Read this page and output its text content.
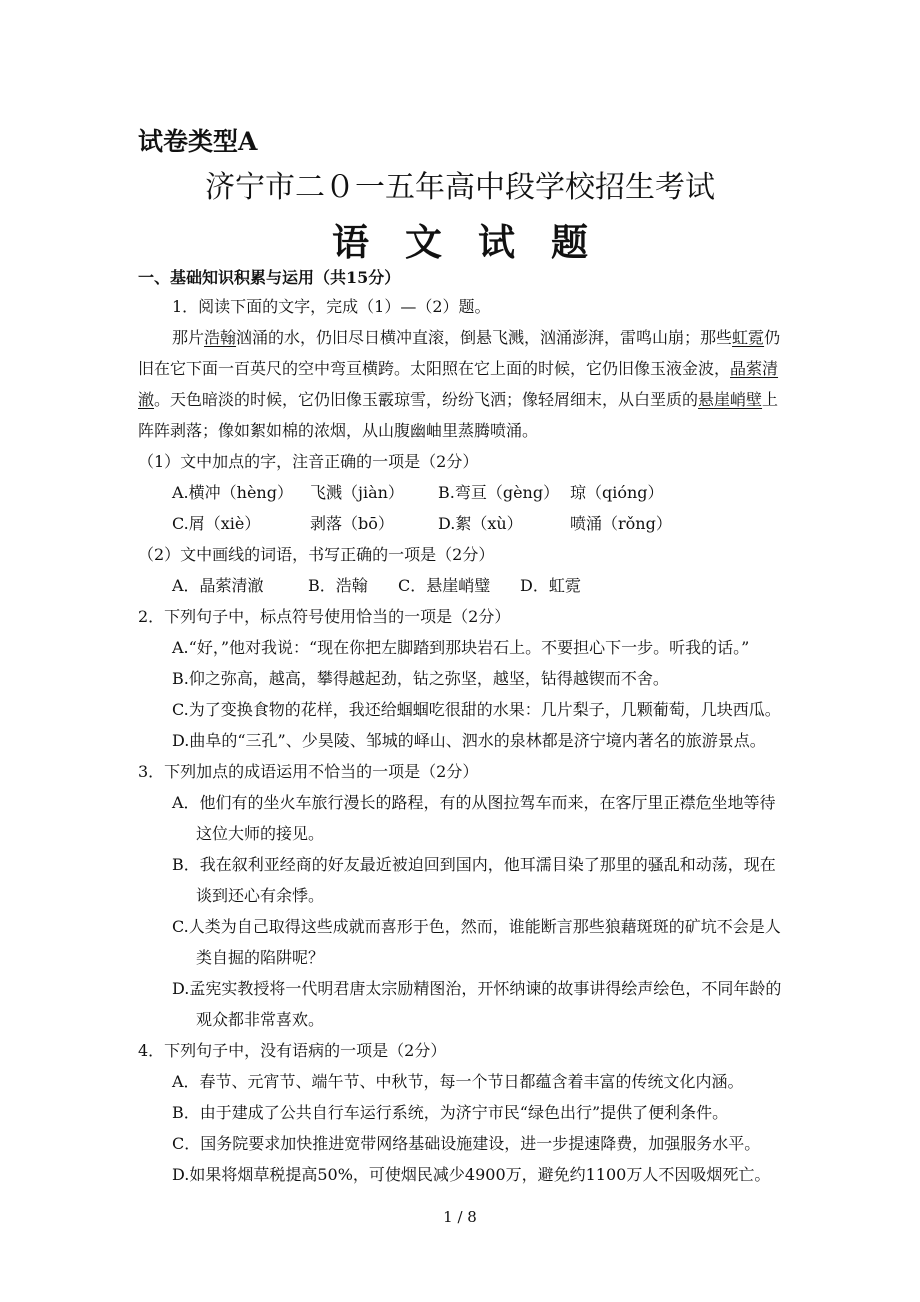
试卷类型A
济宁市二０一五年高中段学校招生考试
语文试题
一、基础知识积累与运用（共15分）
1．阅读下面的文字，完成（1）—（2）题。
那片浩翰汹涌的水，仍旧尽日横冲直滚，倒悬飞溅，汹涌澎湃，雷鸣山崩；那些虹霓仍
旧在它下面一百英尺的空中弯亘横跨。太阳照在它上面的时候，它仍旧像玉液金波，晶萦清
澈。天色暗淡的时候，它仍旧像玉霰琼雪，纷纷飞洒；像轻屑细末，从白垩质的悬崖峭壁上
阵阵剥落；像如絮如棉的浓烟，从山腹幽岫里蒸腾喷涌。
（1）文中加点的字，注音正确的一项是（2分）
A.横冲（hèng） 飞溅（jiàn） B.弯亘（gèng） 琼（qióng）
C.屑（xiè）	剥落（bō）	D.絮（xù）	喷涌（rǒng）
（2）文中画线的词语，书写正确的一项是（2分）
A．晶萦清澈	B．浩翰 C．悬崖峭璧 D．虹霓
2．下列句子中，标点符号使用恰当的一项是（2分）
A.“好，”他对我说：“现在你把左脚踏到那块岩石上。不要担心下一步。听我的话。”
B.仰之弥高，越高，攀得越起劲，钻之弥坚，越坚，钻得越锲而不舍。
C.为了变换食物的花样，我还给蝈蝈吃很甜的水果：几片梨子，几颗葡萄，几块西瓜。
D.曲阜的“三孔”、少昊陵、邹城的峄山、泗水的泉林都是济宁境内著名的旅游景点。
3．下列加点的成语运用不恰当的一项是（2分）
A．他们有的坐火车旅行漫长的路程，有的从图拉驾车而来，在客厅里正襟危坐地等待
这位大师的接见。
B．我在叙利亚经商的好友最近被迫回到国内，他耳濡目染了那里的骚乱和动荡，现在
谈到还心有余悸。
C.人类为自己取得这些成就而喜形于色，然而，谁能断言那些狼藉斑斑的矿坑不会是人
类自掘的陷阱呢？
D.孟宪实教授将一代明君唐太宗励精图治，开怀纳谏的故事讲得绘声绘色，不同年龄的
观众都非常喜欢。
4．下列句子中，没有语病的一项是（2分）
A．春节、元宵节、端午节、中秋节，每一个节日都蕴含着丰富的传统文化内涵。
B．由于建成了公共自行车运行系统，为济宁市民“绿色出行”提供了便利条件。
C．国务院要求加快推进宽带网络基础设施建设，进一步提速降费，加强服务水平。
D.如果将烟草税提高50%，可使烟民减少4900万，避免约1100万人不因吸烟死亡。
1 / 8
